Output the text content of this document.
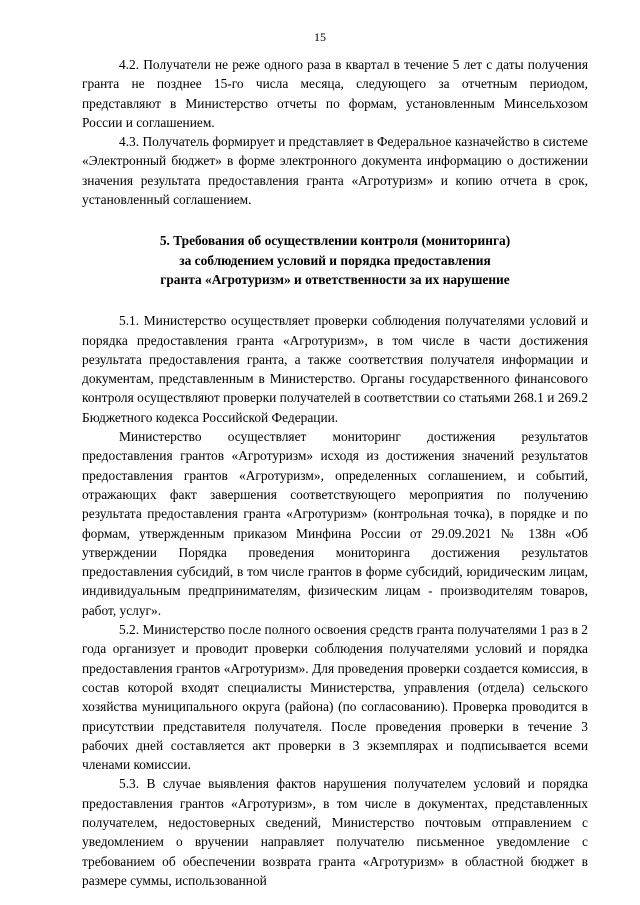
15

4.2. Получатели не реже одного раза в квартал в течение 5 лет с даты получения гранта не позднее 15-го числа месяца, следующего за отчетным периодом, представляют в Министерство отчеты по формам, установленным Минсельхозом России и соглашением.

4.3. Получатель формирует и представляет в Федеральное казначейство в системе «Электронный бюджет» в форме электронного документа информацию о достижении значения результата предоставления гранта «Агротуризм» и копию отчета в срок, установленный соглашением.

5. Требования об осуществлении контроля (мониторинга)
за соблюдением условий и порядка предоставления
гранта «Агротуризм» и ответственности за их нарушение

5.1. Министерство осуществляет проверки соблюдения получателями условий и порядка предоставления гранта «Агротуризм», в том числе в части достижения результата предоставления гранта, а также соответствия получателя информации и документам, представленным в Министерство. Органы государственного финансового контроля осуществляют проверки получателей в соответствии со статьями 268.1 и 269.2 Бюджетного кодекса Российской Федерации.

Министерство осуществляет мониторинг достижения результатов предоставления грантов «Агротуризм» исходя из достижения значений результатов предоставления грантов «Агротуризм», определенных соглашением, и событий, отражающих факт завершения соответствующего мероприятия по получению результата предоставления гранта «Агротуризм» (контрольная точка), в порядке и по формам, утвержденным приказом Минфина России от 29.09.2021 № 138н «Об утверждении Порядка проведения мониторинга достижения результатов предоставления субсидий, в том числе грантов в форме субсидий, юридическим лицам, индивидуальным предпринимателям, физическим лицам - производителям товаров, работ, услуг».

5.2. Министерство после полного освоения средств гранта получателями 1 раз в 2 года организует и проводит проверки соблюдения получателями условий и порядка предоставления грантов «Агротуризм». Для проведения проверки создается комиссия, в состав которой входят специалисты Министерства, управления (отдела) сельского хозяйства муниципального округа (района) (по согласованию). Проверка проводится в присутствии представителя получателя. После проведения проверки в течение 3 рабочих дней составляется акт проверки в 3 экземплярах и подписывается всеми членами комиссии.

5.3. В случае выявления фактов нарушения получателем условий и порядка предоставления грантов «Агротуризм», в том числе в документах, представленных получателем, недостоверных сведений, Министерство почтовым отправлением с уведомлением о вручении направляет получателю письменное уведомление с требованием об обеспечении возврата гранта «Агротуризм» в областной бюджет в размере суммы, использованной
